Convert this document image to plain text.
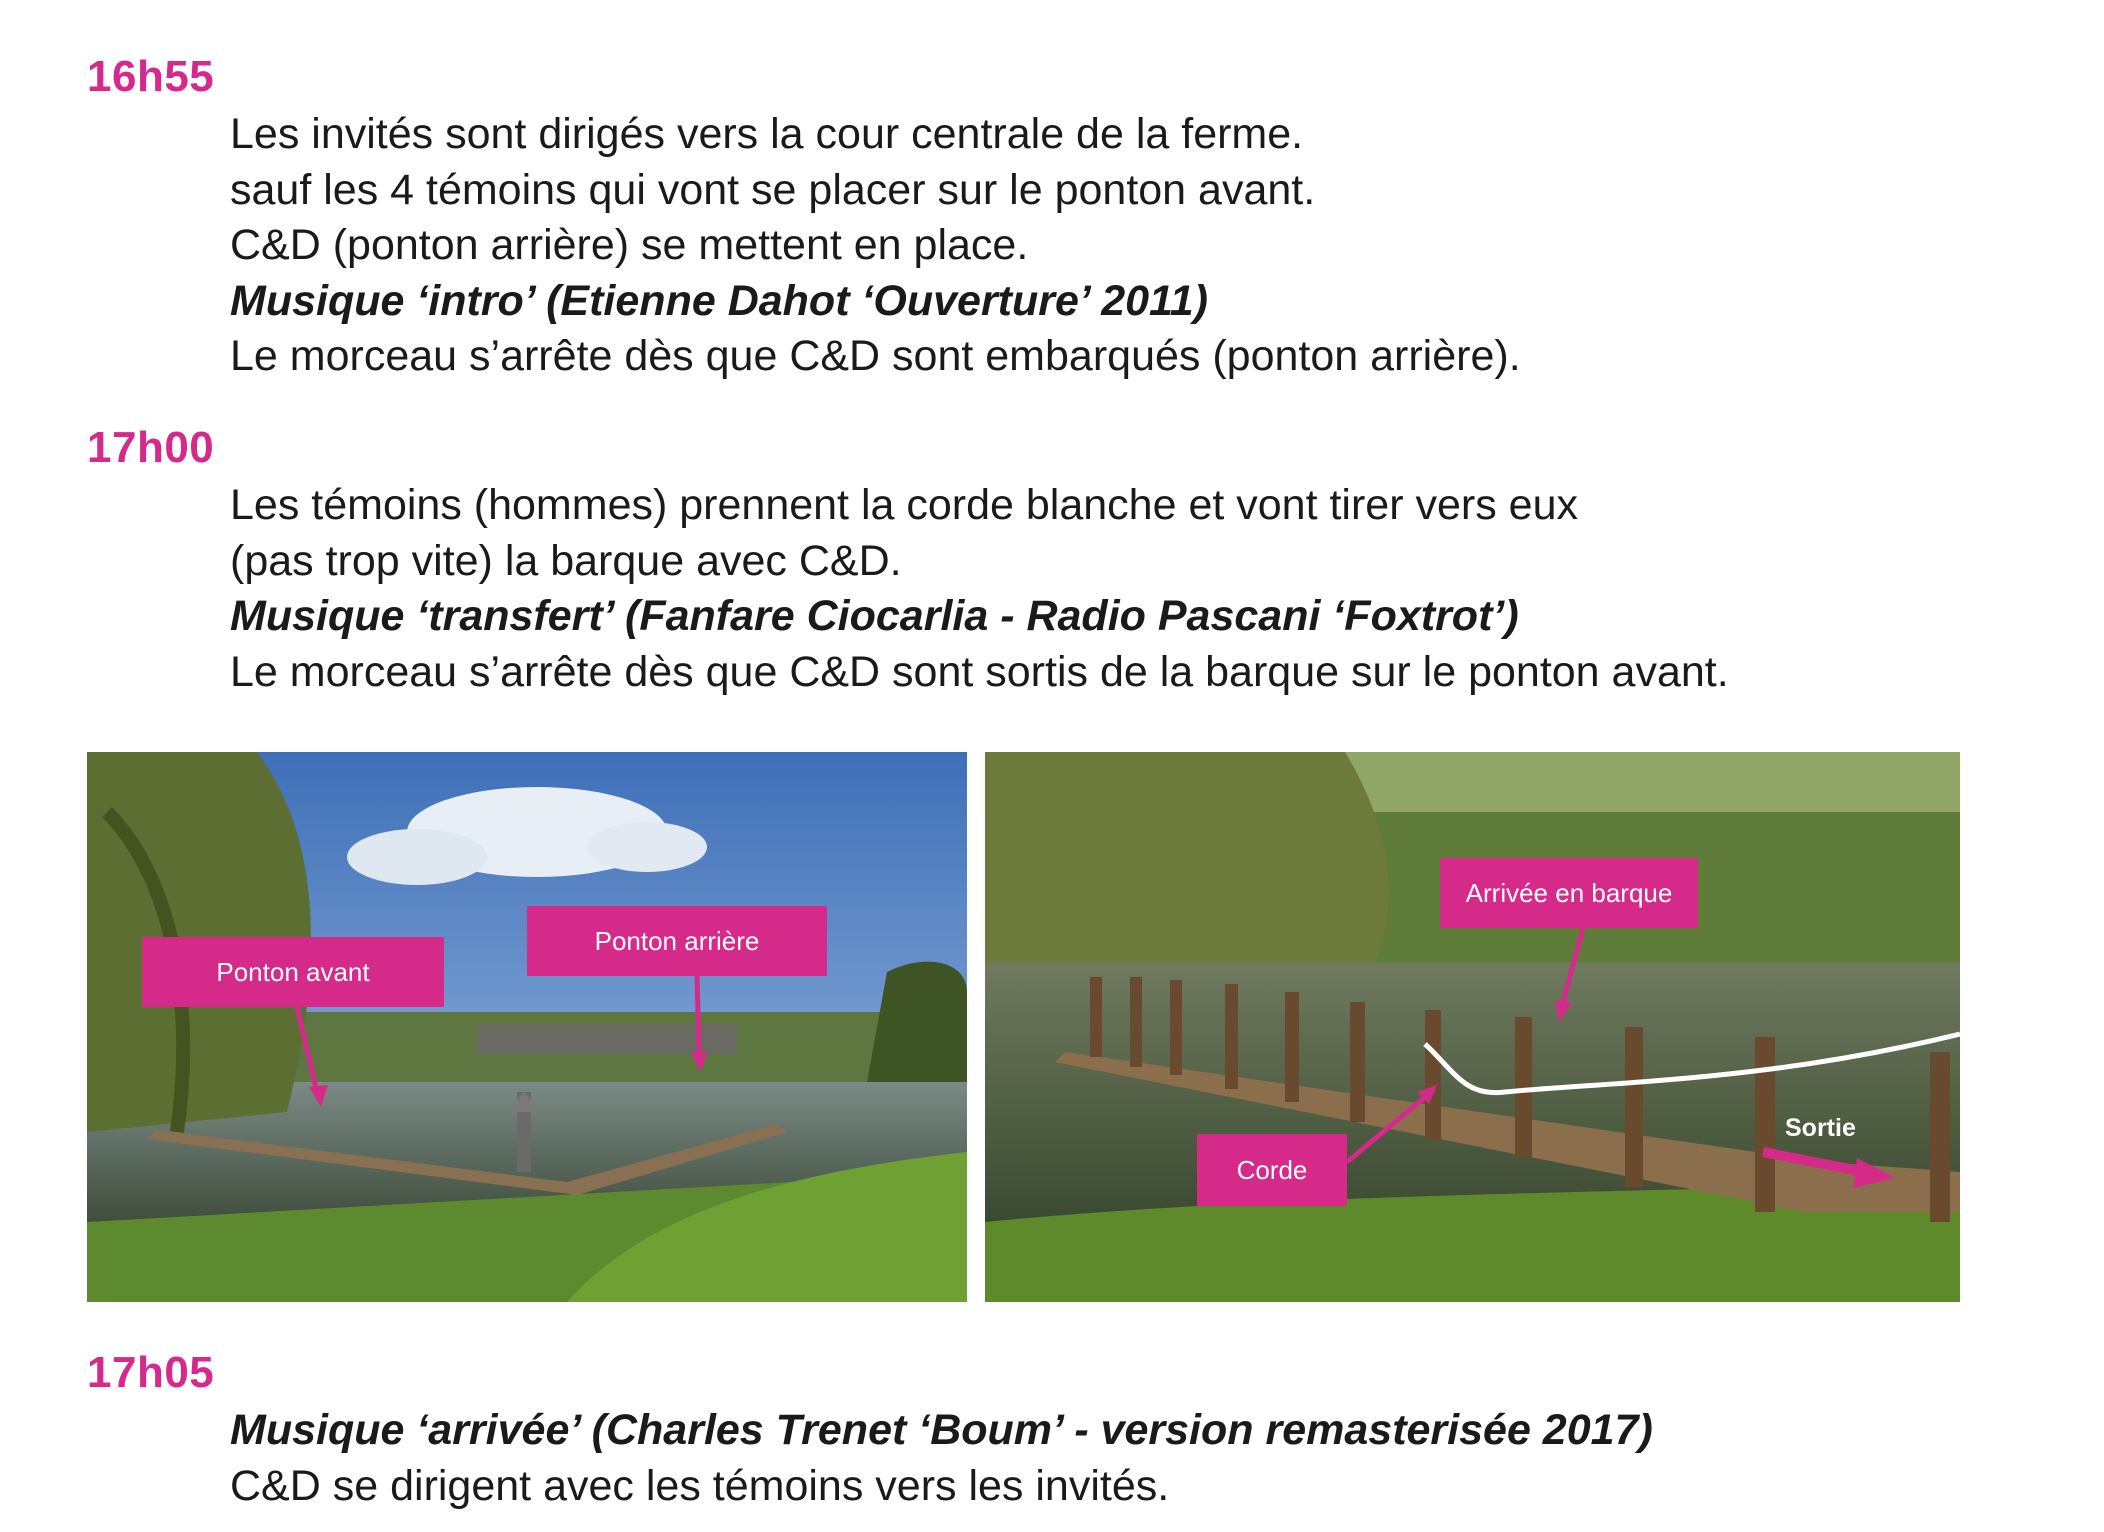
16h55
Les invités sont dirigés vers la cour centrale de la ferme.
sauf les 4 témoins qui vont se placer sur le ponton avant.
C&D (ponton arrière) se mettent en place.
Musique ‘intro’ (Etienne Dahot ‘Ouverture’ 2011)
Le morceau s’arrête dès que C&D sont embarqués (ponton arrière).
17h00
Les témoins (hommes) prennent la corde blanche et vont tirer vers eux
(pas trop vite) la barque avec C&D.
Musique ‘transfert’ (Fanfare Ciocarlia - Radio Pascani ‘Foxtrot’)
Le morceau s’arrête dès que C&D sont sortis de la barque sur le ponton avant.
Ponton avant
Ponton arrière
Arrivée en barque
Corde
Sortie
17h05
Musique ‘arrivée’ (Charles Trenet ‘Boum’ - version remasterisée 2017)
C&D se dirigent avec les témoins vers les invités.
